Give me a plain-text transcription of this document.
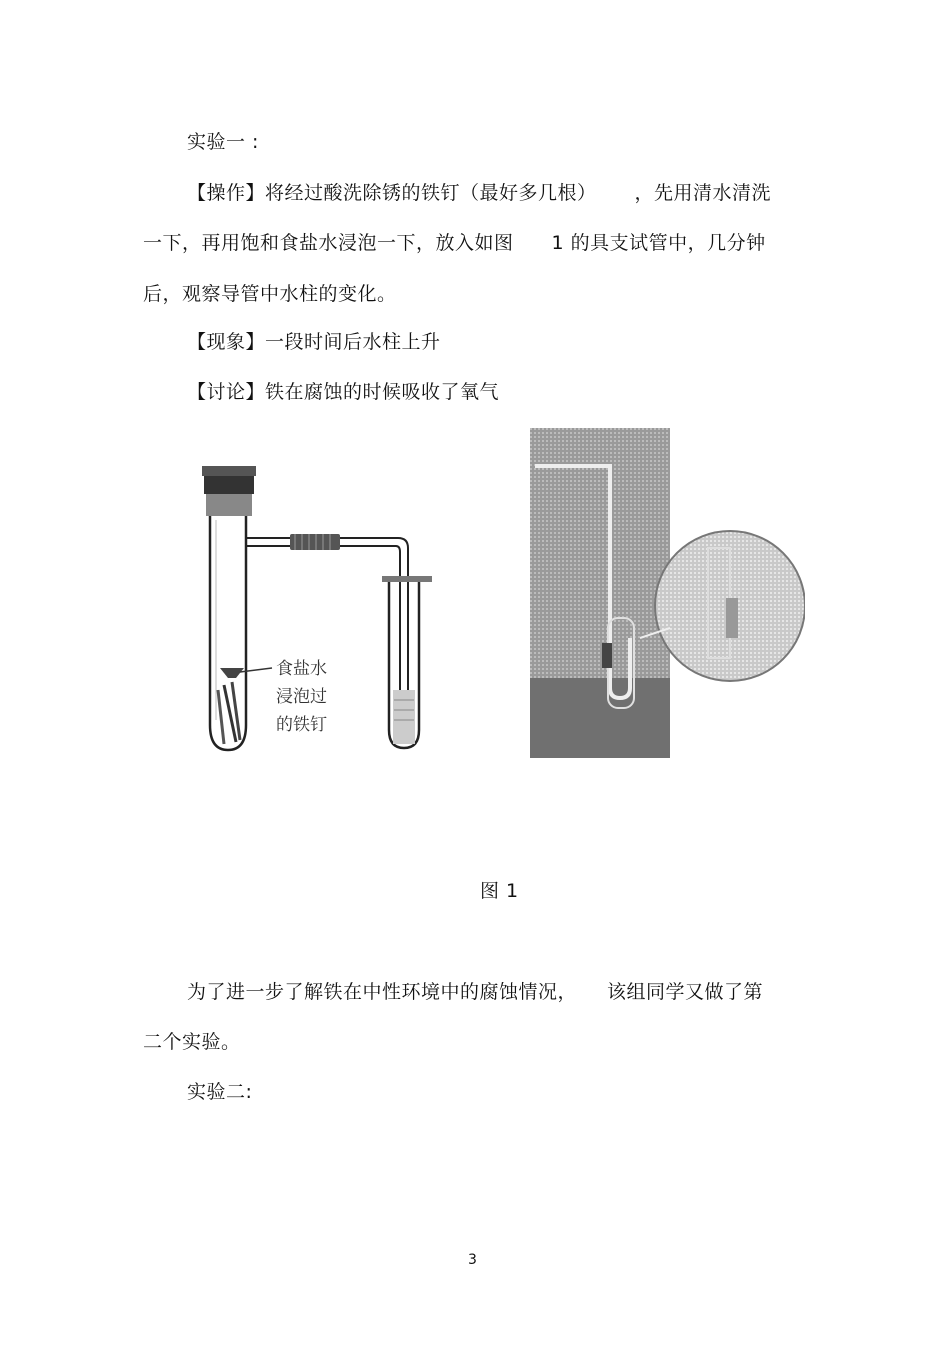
实验一 :
【操作】将经过酸洗除锈的铁钉（最好多几根） ，先用清水清洗
一下，再用饱和食盐水浸泡一下，放入如图 1 的具支试管中，几分钟
后，观察导管中水柱的变化。
【现象】一段时间后水柱上升
【讨论】铁在腐蚀的时候吸收了氧气
食盐水
浸泡过
的铁钉
图 1
为了进一步了解铁在中性环境中的腐蚀情况， 该组同学又做了第
二个实验。
实验二:
3
